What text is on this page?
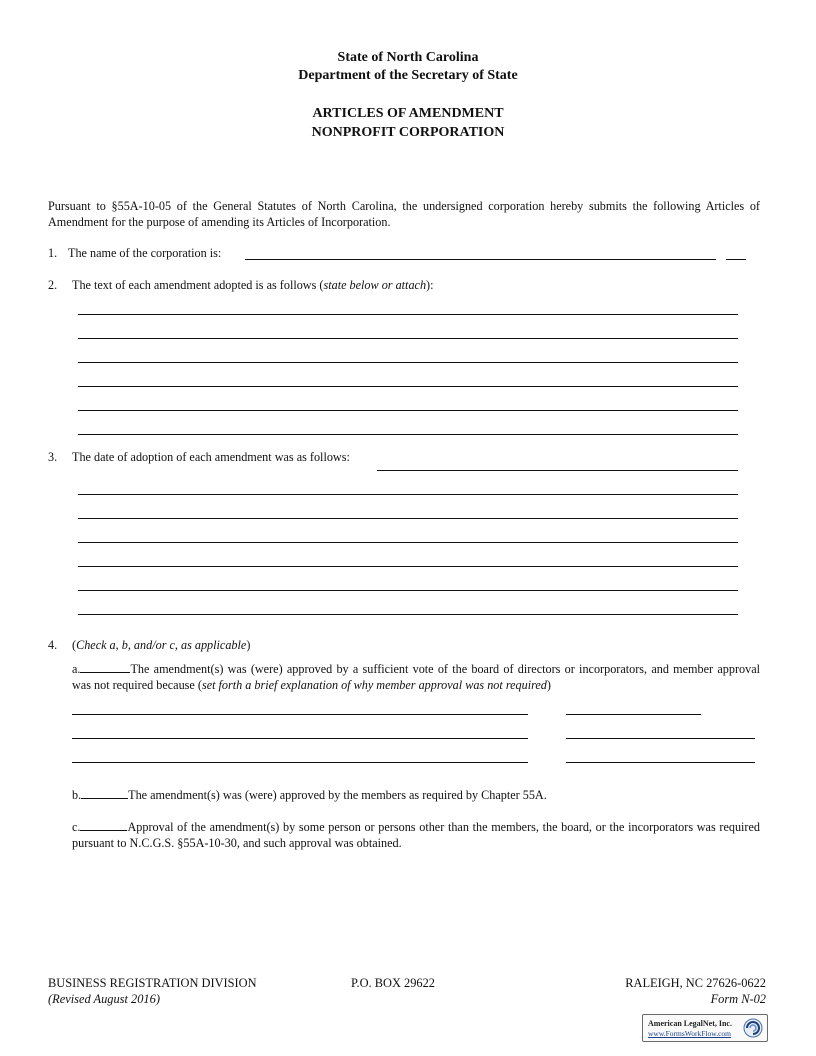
State of North Carolina
Department of the Secretary of State
ARTICLES OF AMENDMENT
NONPROFIT CORPORATION
Pursuant to §55A-10-05 of the General Statutes of North Carolina, the undersigned corporation hereby submits the following Articles of Amendment for the purpose of amending its Articles of Incorporation.
1. The name of the corporation is:
2. The text of each amendment adopted is as follows (state below or attach):
3. The date of adoption of each amendment was as follows:
4. (Check a, b, and/or c, as applicable)
a.	The amendment(s) was (were) approved by a sufficient vote of the board of directors or incorporators, and member approval was not required because (set forth a brief explanation of why member approval was not required)
b.	The amendment(s) was (were) approved by the members as required by Chapter 55A.
c.	Approval of the amendment(s) by some person or persons other than the members, the board, or the incorporators was required pursuant to N.C.G.S. §55A-10-30, and such approval was obtained.
BUSINESS REGISTRATION DIVISION
(Revised August 2016)
P.O. BOX 29622	RALEIGH, NC 27626-0622
Form N-02
American LegalNet, Inc.
www.FormsWorkFlow.com
